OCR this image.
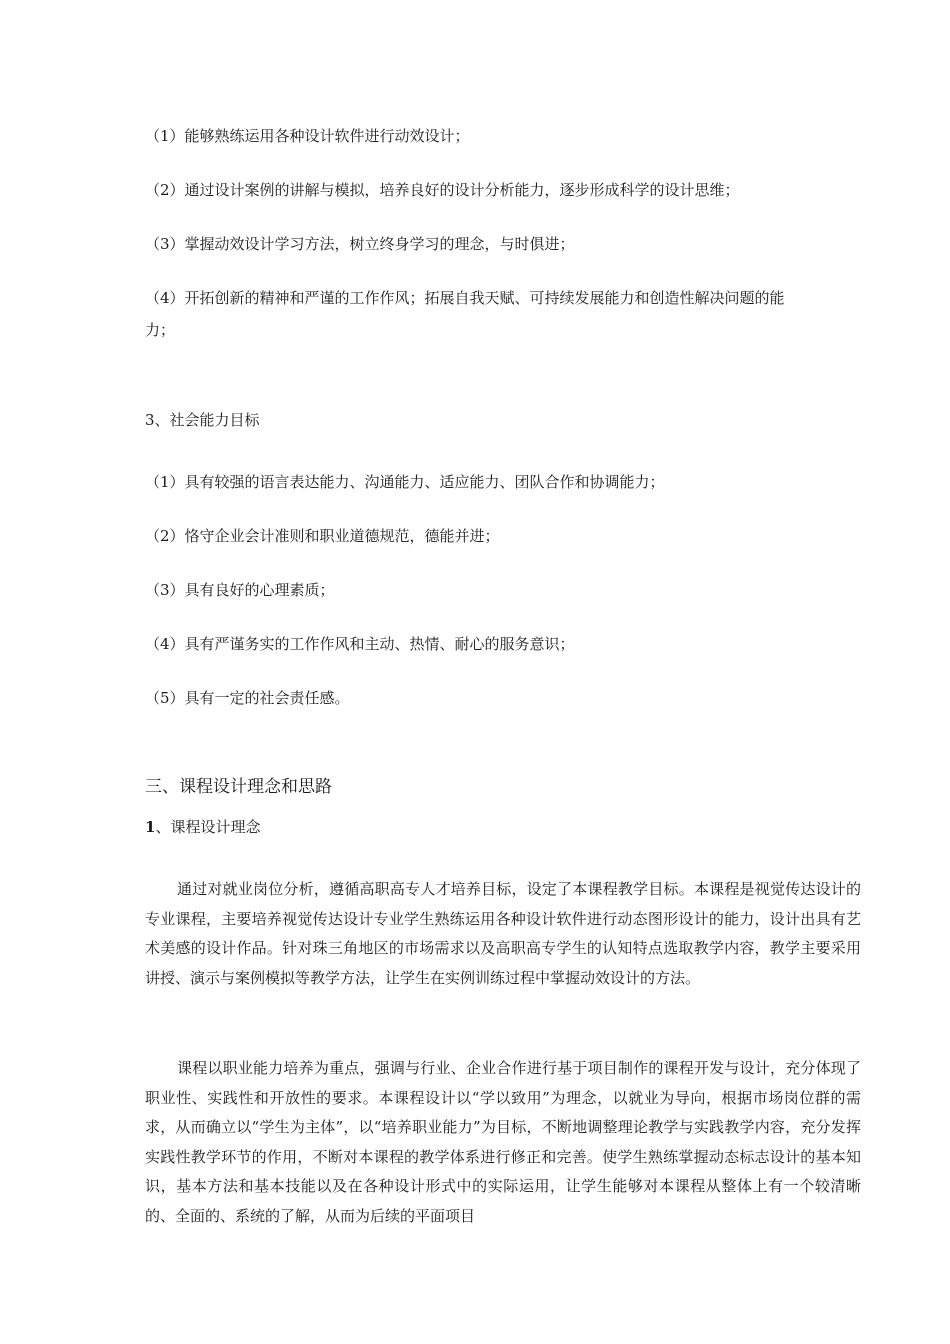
（1）能够熟练运用各种设计软件进行动效设计；
（2）通过设计案例的讲解与模拟，培养良好的设计分析能力，逐步形成科学的设计思维；
（3）掌握动效设计学习方法，树立终身学习的理念，与时俱进；
（4）开拓创新的精神和严谨的工作作风；拓展自我天赋、可持续发展能力和创造性解决问题的能
力；
3、社会能力目标
（1）具有较强的语言表达能力、沟通能力、适应能力、团队合作和协调能力；
（2）恪守企业会计准则和职业道德规范，德能并进；
（3）具有良好的心理素质；
（4）具有严谨务实的工作作风和主动、热情、耐心的服务意识；
（5）具有一定的社会责任感。
三、课程设计理念和思路
1、课程设计理念

通过对就业岗位分析，遵循高职高专人才培养目标，设定了本课程教学目标。本课程是视觉传达设计的专业课程，主要培养视觉传达设计专业学生熟练运用各种设计软件进行动态图形设计的能力，设计出具有艺术美感的设计作品。针对珠三角地区的市场需求以及高职高专学生的认知特点选取教学内容，教学主要采用讲授、演示与案例模拟等教学方法，让学生在实例训练过程中掌握动效设计的方法。

课程以职业能力培养为重点，强调与行业、企业合作进行基于项目制作的课程开发与设计，充分体现了职业性、实践性和开放性的要求。本课程设计以“学以致用”为理念，以就业为导向，根据市场岗位群的需求，从而确立以“学生为主体”，以“培养职业能力”为目标，不断地调整理论教学与实践教学内容，充分发挥实践性教学环节的作用，不断对本课程的教学体系进行修正和完善。使学生熟练掌握动态标志设计的基本知识，基本方法和基本技能以及在各种设计形式中的实际运用，让学生能够对本课程从整体上有一个较清晰的、全面的、系统的了解，从而为后续的平面项目
